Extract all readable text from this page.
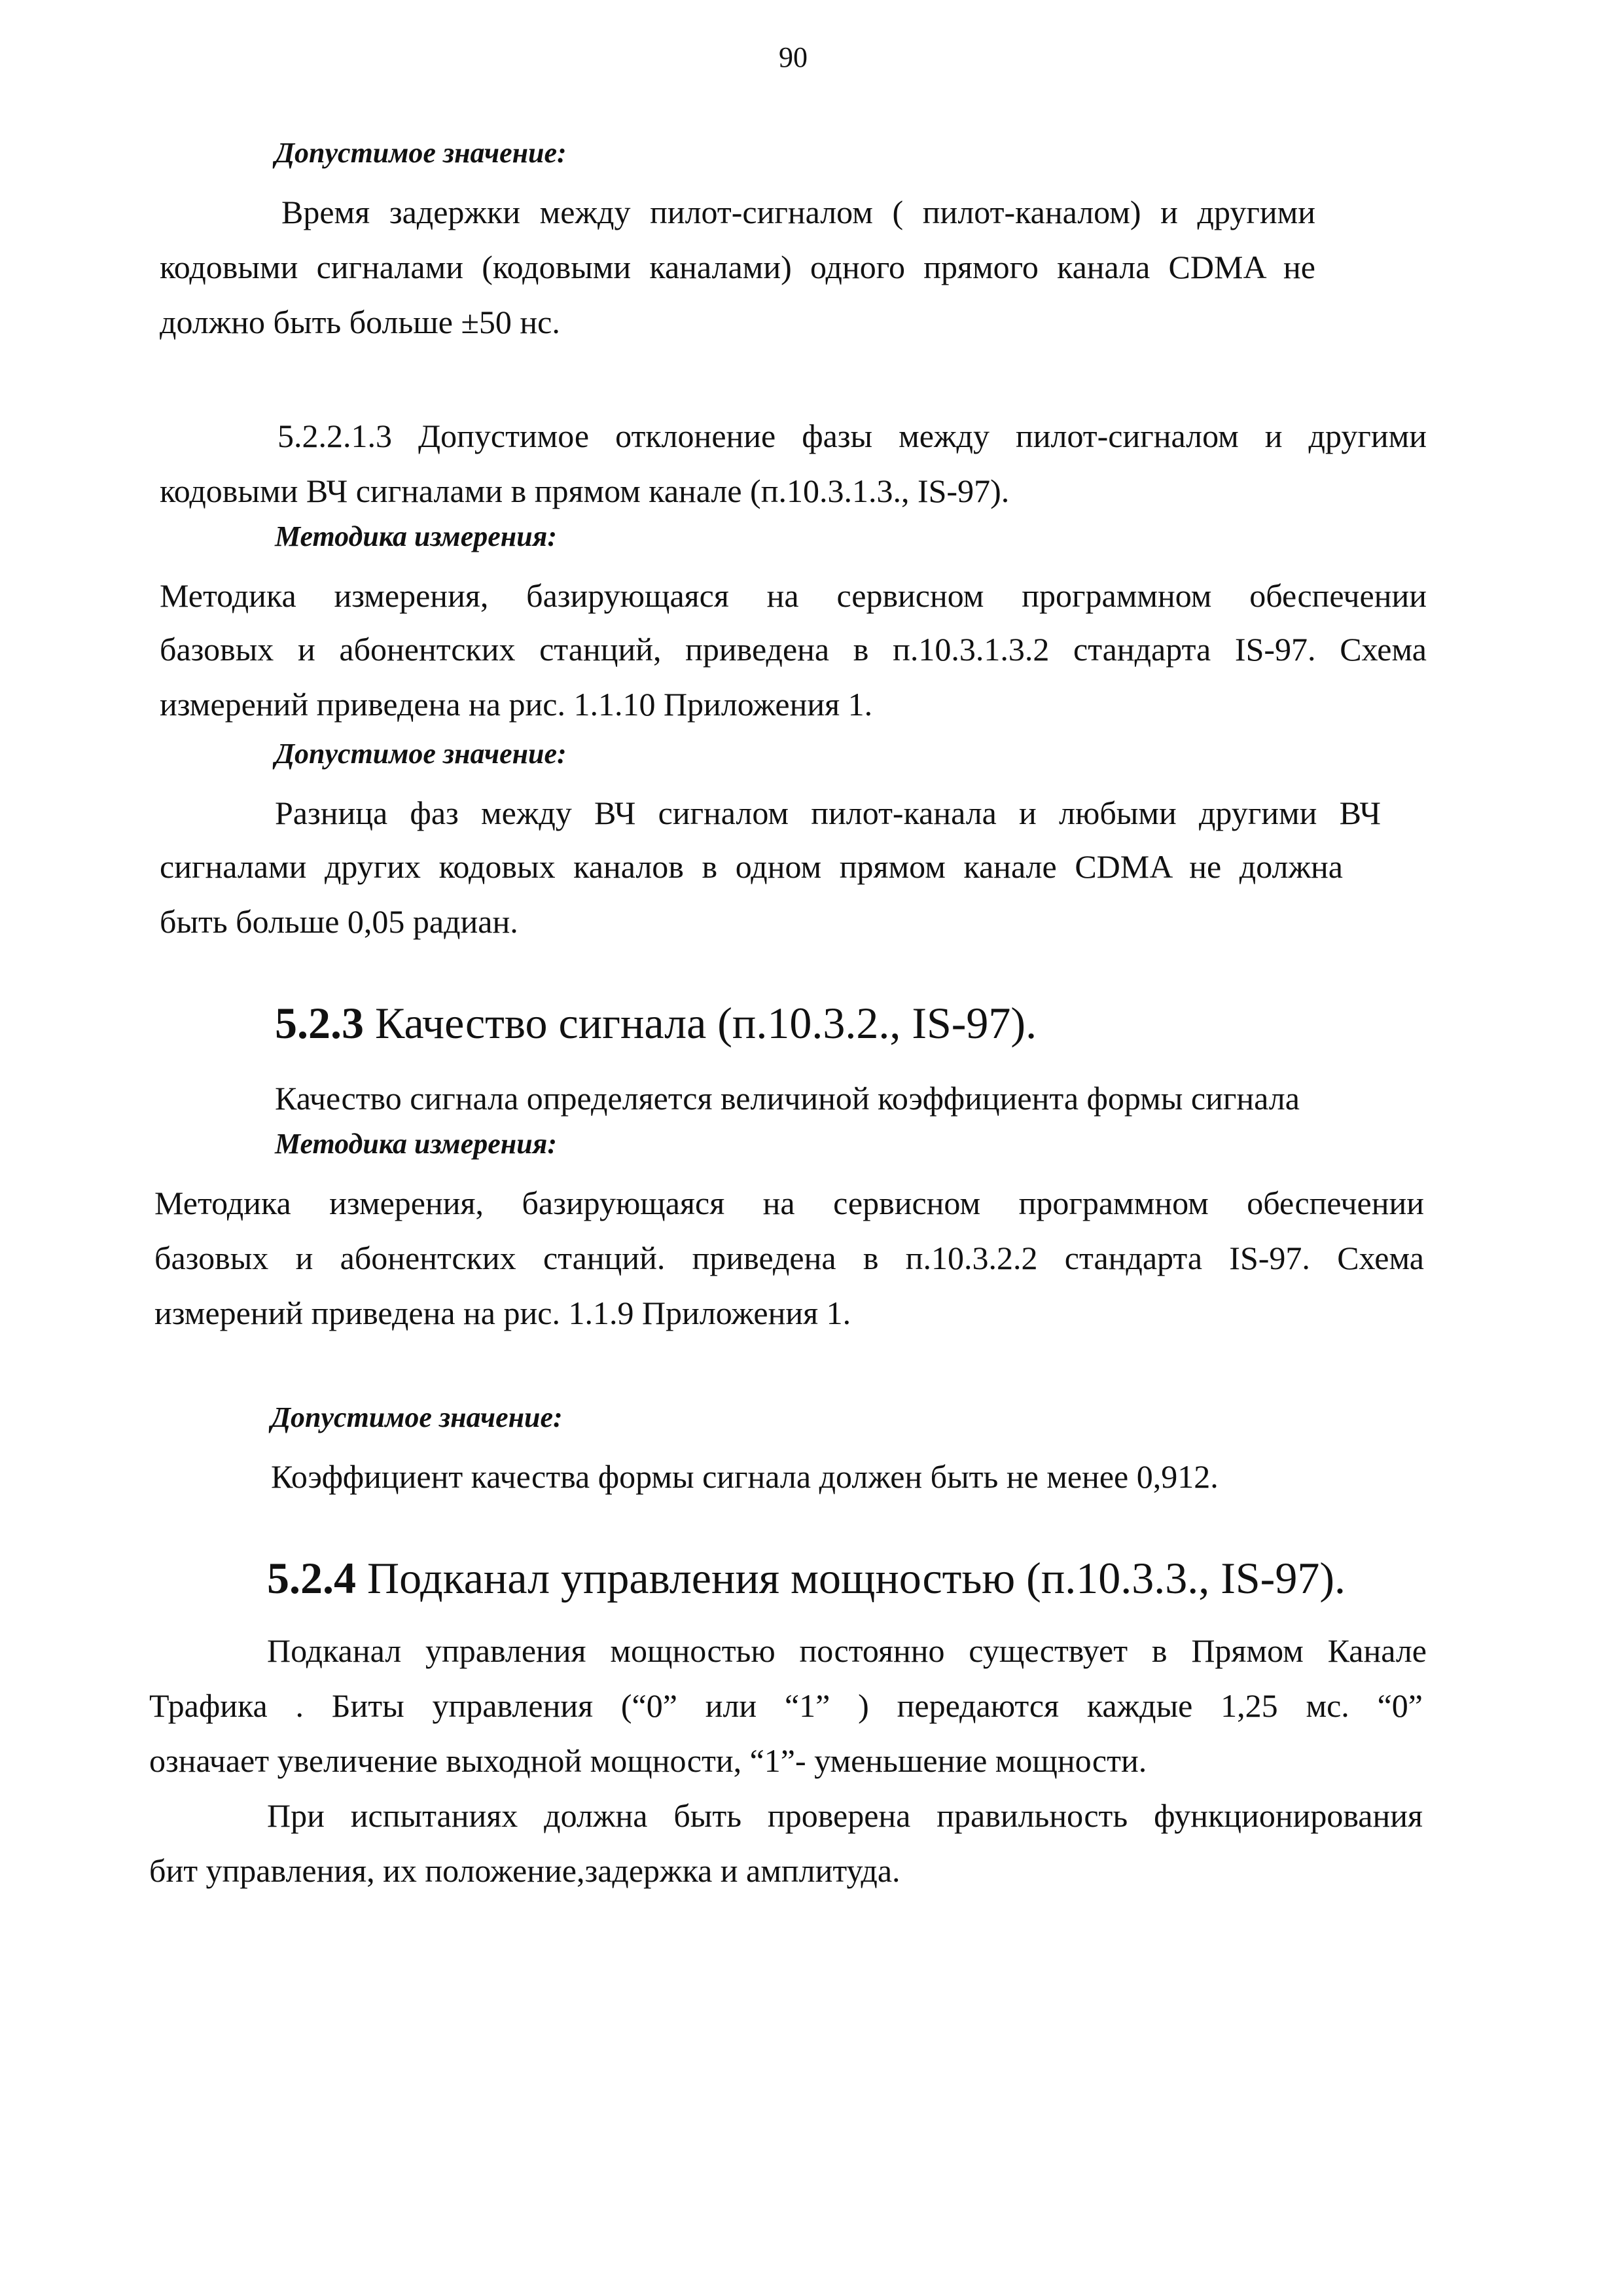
90
Допустимое значение:
Время задержки между пилот-сигналом ( пилот-каналом) и другими
кодовыми сигналами (кодовыми каналами) одного прямого канала CDMA не
должно быть больше ±50 нс.
5.2.2.1.3 Допустимое отклонение фазы между пилот-сигналом и другими
кодовыми ВЧ сигналами в прямом канале (п.10.3.1.3., IS-97).
Методика измерения:
Методика измерения, базирующаяся на сервисном программном обеспечении
базовых и абонентских станций, приведена в п.10.3.1.3.2 стандарта IS-97. Схема
измерений приведена на рис. 1.1.10 Приложения 1.
Допустимое значение:
Разница фаз между ВЧ сигналом пилот-канала и любыми другими ВЧ
сигналами других кодовых каналов в одном прямом канале CDMA не должна
быть больше 0,05 радиан.
5.2.3 Качество сигнала (п.10.3.2., IS-97).
Качество сигнала определяется величиной коэффициента формы сигнала
Методика измерения:
Методика измерения, базирующаяся на сервисном программном обеспечении
базовых и абонентских станций. приведена в п.10.3.2.2 стандарта IS-97. Схема
измерений приведена на рис. 1.1.9 Приложения 1.
Допустимое значение:
Коэффициент качества формы сигнала должен быть не менее 0,912.
5.2.4 Подканал управления мощностью (п.10.3.3., IS-97).
Подканал управления мощностью постоянно существует в Прямом Канале
Трафика . Биты управления (“0” или “1” ) передаются каждые 1,25 мс. “0”
означает увеличение выходной мощности, “1”- уменьшение мощности.
При испытаниях должна быть проверена правильность функционирования
бит управления, их положение,задержка и амплитуда.
